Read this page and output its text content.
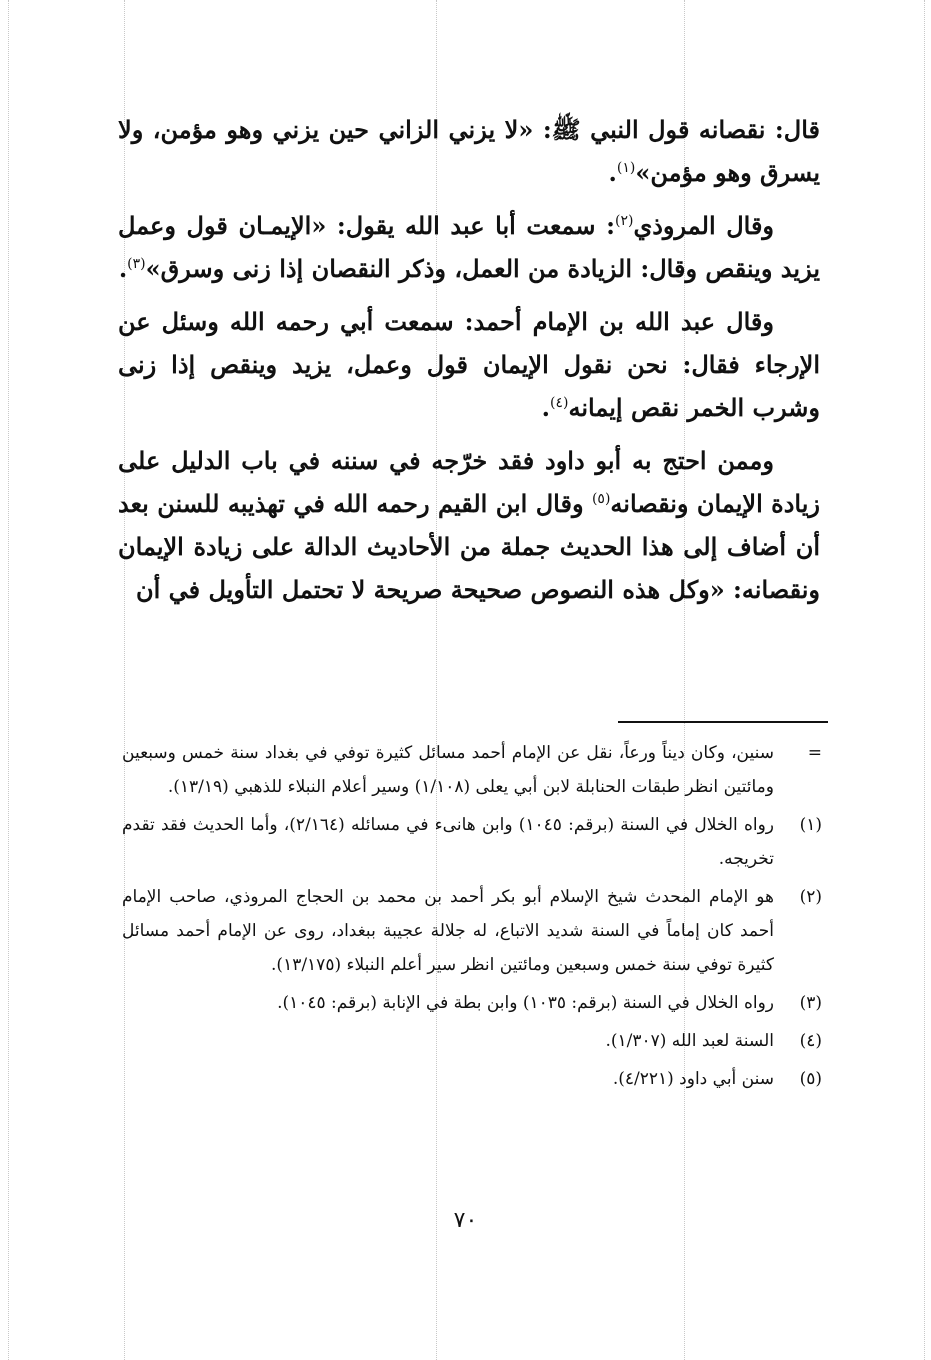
قال: نقصانه قول النبي ﷺ: «لا يزني الزاني حين يزني وهو مؤمن، ولا يسرق وهو مؤمن»$^{(١)}$.

وقال المروذي$^{(٢)}$: سمعت أبا عبد الله يقول: «الإيمـان قول وعمل يزيد وينقص وقال: الزيادة من العمل، وذكر النقصان إذا زنى وسرق»$^{(٣)}$.

وقال عبد الله بن الإمام أحمد: سمعت أبي رحمه الله وسئل عن الإرجاء فقال: نحن نقول الإيمان قول وعمل، يزيد وينقص إذا زنى وشرب الخمر نقص إيمانه$^{(٤)}$.

وممن احتج به أبو داود فقد خرّجه في سننه في باب الدليل على زيادة الإيمان ونقصانه$^{(٥)}$ وقال ابن القيم رحمه الله في تهذيبه للسنن بعد أن أضاف إلى هذا الحديث جملة من الأحاديث الدالة على زيادة الإيمان ونقصانه: «وكل هذه النصوص صحيحة صريحة لا تحتمل التأويل في أن

=
سنين، وكان ديناً ورعاً، نقل عن الإمام أحمد مسائل كثيرة توفي في بغداد سنة خمس وسبعين ومائتين انظر طبقات الحنابلة لابن أبي يعلى (١/١٠٨) وسير أعلام النبلاء للذهبي (١٣/١٩).
(١)
رواه الخلال في السنة (برقم: ١٠٤٥) وابن هانىء في مسائله (٢/١٦٤)، وأما الحديث فقد تقدم تخريجه.
(٢)
هو الإمام المحدث شيخ الإسلام أبو بكر أحمد بن محمد بن الحجاج المروذي، صاحب الإمام أحمد كان إماماً في السنة شديد الاتباع، له جلالة عجيبة ببغداد، روى عن الإمام أحمد مسائل كثيرة توفي سنة خمس وسبعين ومائتين انظر سير أعلم النبلاء (١٣/١٧٥).
(٣)
رواه الخلال في السنة (برقم: ١٠٣٥) وابن بطة في الإنابة (برقم: ١٠٤٥).
(٤)
السنة لعبد الله (١/٣٠٧).
(٥)
سنن أبي داود (٤/٢٢١).
٧٠
